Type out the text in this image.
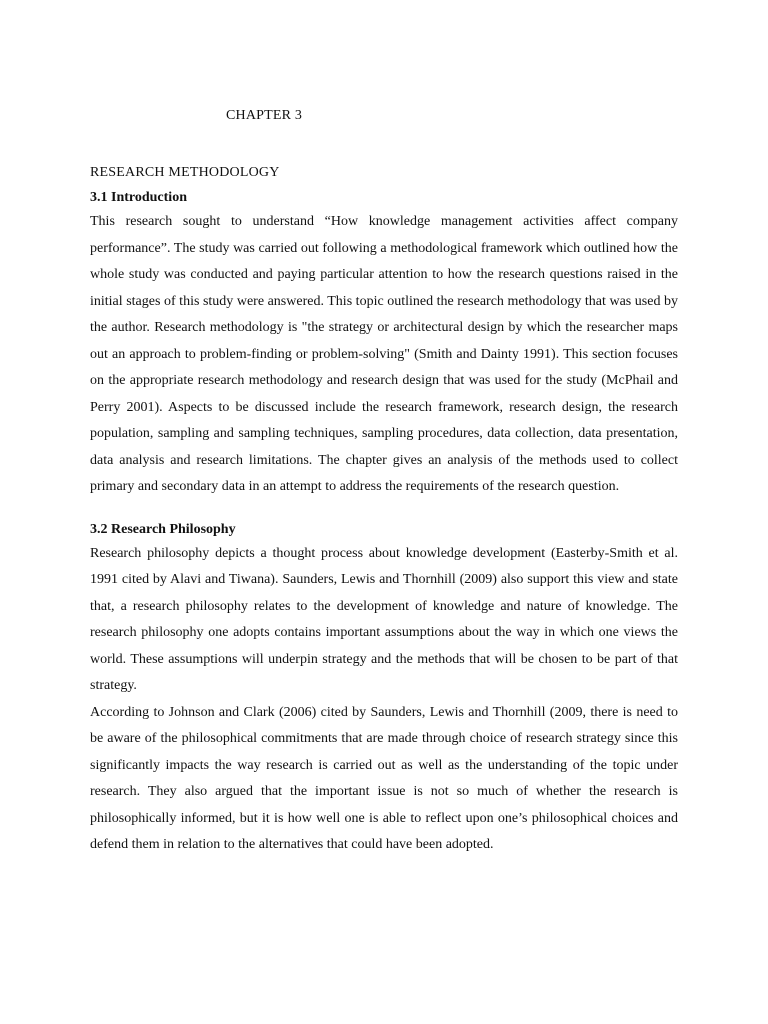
CHAPTER 3
RESEARCH METHODOLOGY
3.1 Introduction

This research sought to understand “How knowledge management activities affect company performance”. The study was carried out following a methodological framework which outlined how the whole study was conducted and paying particular attention to how the research questions raised in the initial stages of this study were answered. This topic outlined the research methodology that was used by the author. Research methodology is "the strategy or architectural design by which the researcher maps out an approach to problem-finding or problem-solving" (Smith and Dainty 1991). This section focuses on the appropriate research methodology and research design that was used for the study (McPhail and Perry 2001). Aspects to be discussed include the research framework, research design, the research population, sampling and sampling techniques, sampling procedures, data collection, data presentation, data analysis and research limitations. The chapter gives an analysis of the methods used to collect primary and secondary data in an attempt to address the requirements of the research question.

3.2 Research Philosophy

Research philosophy depicts a thought process about knowledge development (Easterby-Smith et al. 1991 cited by Alavi and Tiwana). Saunders, Lewis and Thornhill (2009) also support this view and state that, a research philosophy relates to the development of knowledge and nature of knowledge. The research philosophy one adopts contains important assumptions about the way in which one views the world. These assumptions will underpin strategy and the methods that will be chosen to be part of that strategy.

According to Johnson and Clark (2006) cited by Saunders, Lewis and Thornhill (2009, there is need to be aware of the philosophical commitments that are made through choice of research strategy since this significantly impacts the way research is carried out as well as the understanding of the topic under research. They also argued that the important issue is not so much of whether the research is philosophically informed, but it is how well one is able to reflect upon one’s philosophical choices and defend them in relation to the alternatives that could have been adopted.
